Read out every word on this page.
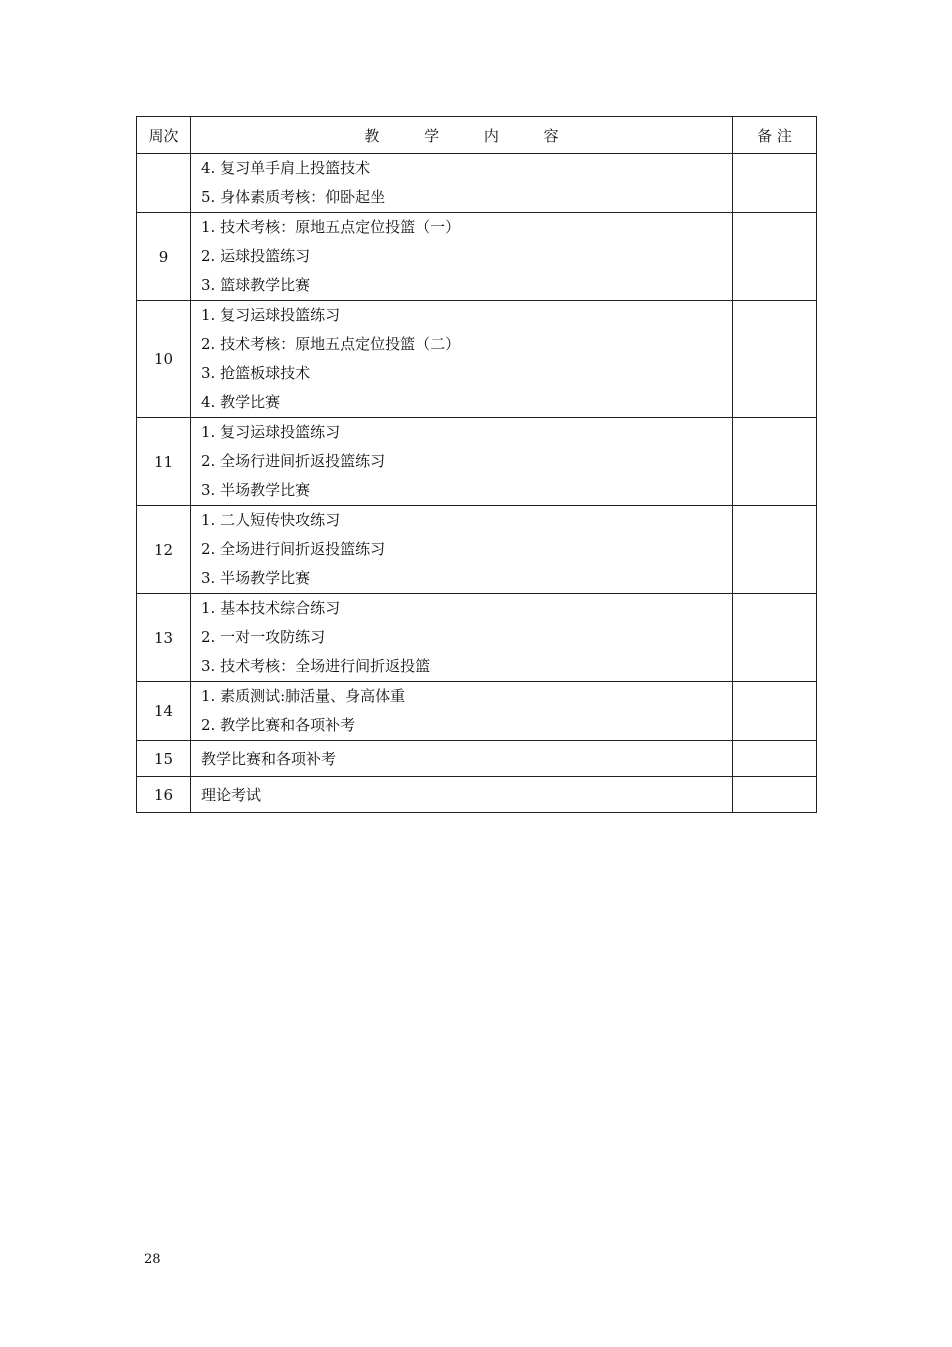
周次	教 学 内 容	备 注

	4. 复习单手肩上投篮技术
5. 身体素质考核：仰卧起坐	

9	1. 技术考核：原地五点定位投篮（一）
2. 运球投篮练习
3. 篮球教学比赛	

10	1. 复习运球投篮练习
2. 技术考核：原地五点定位投篮（二）
3. 抢篮板球技术
4. 教学比赛	

11	1. 复习运球投篮练习
2. 全场行进间折返投篮练习
3. 半场教学比赛	

12	1. 二人短传快攻练习
2. 全场进行间折返投篮练习
3. 半场教学比赛	

13	1. 基本技术综合练习
2. 一对一攻防练习
3. 技术考核：全场进行间折返投篮	

14	1. 素质测试:肺活量、身高体重
2. 教学比赛和各项补考	

15	教学比赛和各项补考	

16	理论考试	

28
